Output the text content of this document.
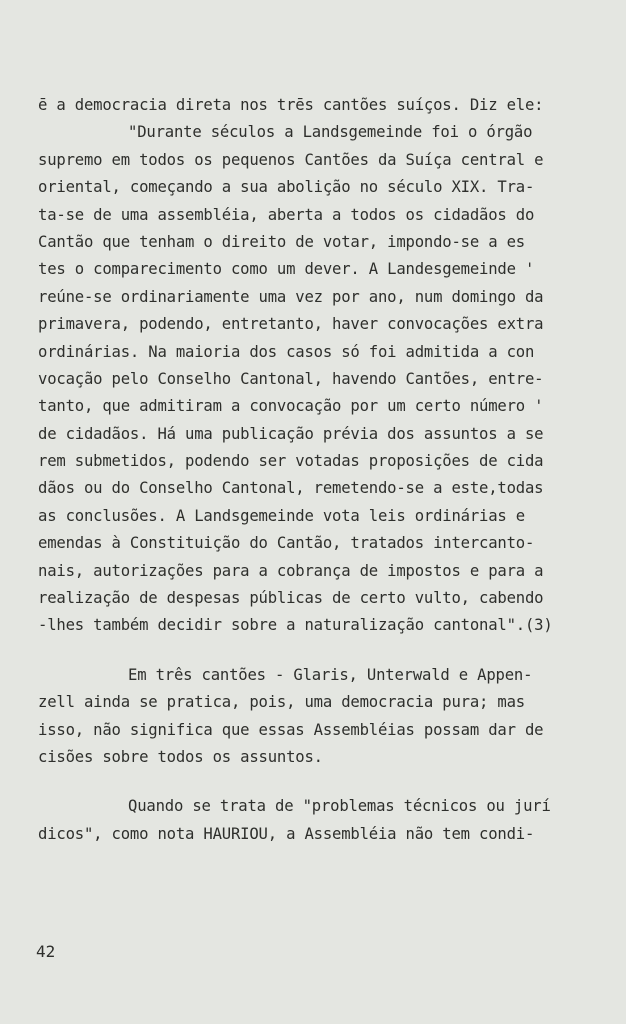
ē a democracia direta nos trēs cantões suíços. Diz ele:
"Durante séculos a Landsgemeinde foi o órgão
supremo em todos os pequenos Cantões da Suíça central e
oriental, começando a sua abolição no século XIX. Tra-
ta-se de uma assembléia, aberta a todos os cidadãos do
Cantão que tenham o direito de votar, impondo-se a es
tes o comparecimento como um dever. A Landesgemeinde '
reúne-se ordinariamente uma vez por ano, num domingo da
primavera, podendo, entretanto, haver convocações extra
ordinárias. Na maioria dos casos só foi admitida a con
vocação pelo Conselho Cantonal, havendo Cantões, entre-
tanto, que admitiram a convocação por um certo número '
de cidadãos. Há uma publicação prévia dos assuntos a se
rem submetidos, podendo ser votadas proposições de cida
dãos ou do Conselho Cantonal, remetendo-se a este,todas
as conclusões. A Landsgemeinde vota leis ordinárias e
emendas à Constituição do Cantão, tratados intercanto-
nais, autorizações para a cobrança de impostos e para a
realização de despesas públicas de certo vulto, cabendo
-lhes também decidir sobre a naturalização cantonal".(3)
Em três cantões - Glaris, Unterwald e Appen-
zell ainda se pratica, pois, uma democracia pura; mas
isso, não significa que essas Assembléias possam dar de
cisões sobre todos os assuntos.
Quando se trata de "problemas técnicos ou jurí
dicos", como nota HAURIOU, a Assembléia não tem condi-
42
